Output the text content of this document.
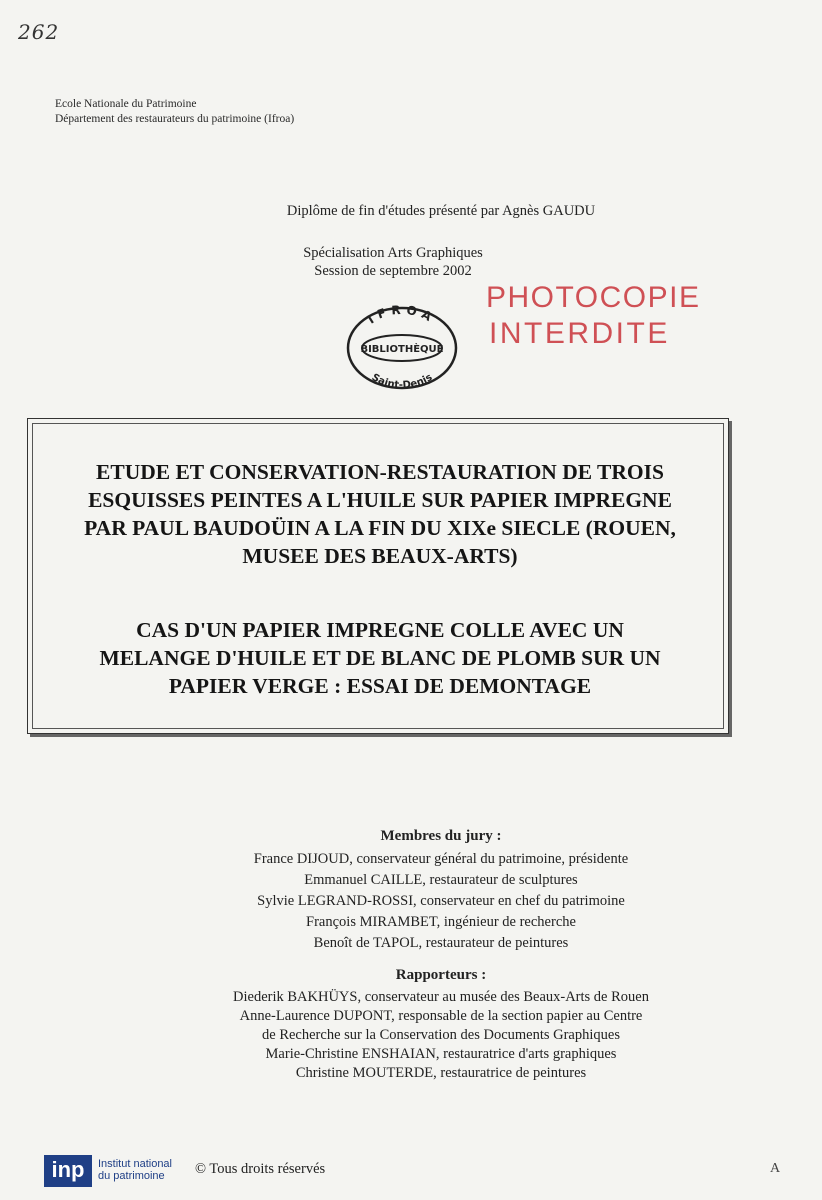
262
Ecole Nationale du Patrimoine
Département des restaurateurs du patrimoine (Ifroa)
Diplôme de fin d'études présenté par Agnès GAUDU
Spécialisation Arts Graphiques
Session de septembre 2002
PHOTOCOPIE
INTERDITE
IFROA
BIBLIOTHÈQUE
Saint-Denis
ETUDE ET CONSERVATION-RESTAURATION DE TROIS
ESQUISSES PEINTES A L'HUILE SUR PAPIER IMPREGNE
PAR PAUL BAUDOÜIN A LA FIN DU XIXe SIECLE (ROUEN,
MUSEE DES BEAUX-ARTS)
CAS D'UN PAPIER IMPREGNE COLLE AVEC UN
MELANGE D'HUILE ET DE BLANC DE PLOMB SUR UN
PAPIER VERGE : ESSAI DE DEMONTAGE
Membres du jury :
France DIJOUD, conservateur général du patrimoine, présidente
Emmanuel CAILLE, restaurateur de sculptures
Sylvie LEGRAND-ROSSI, conservateur en chef du patrimoine
François MIRAMBET, ingénieur de recherche
Benoît de TAPOL, restaurateur de peintures
Rapporteurs :
Diederik BAKHÜYS, conservateur au musée des Beaux-Arts de Rouen
Anne-Laurence DUPONT, responsable de la section papier au Centre
de Recherche sur la Conservation des Documents Graphiques
Marie-Christine ENSHAIAN, restauratrice d'arts graphiques
Christine MOUTERDE, restauratrice de peintures
inp	Institut national
du patrimoine	© Tous droits réservés	A
